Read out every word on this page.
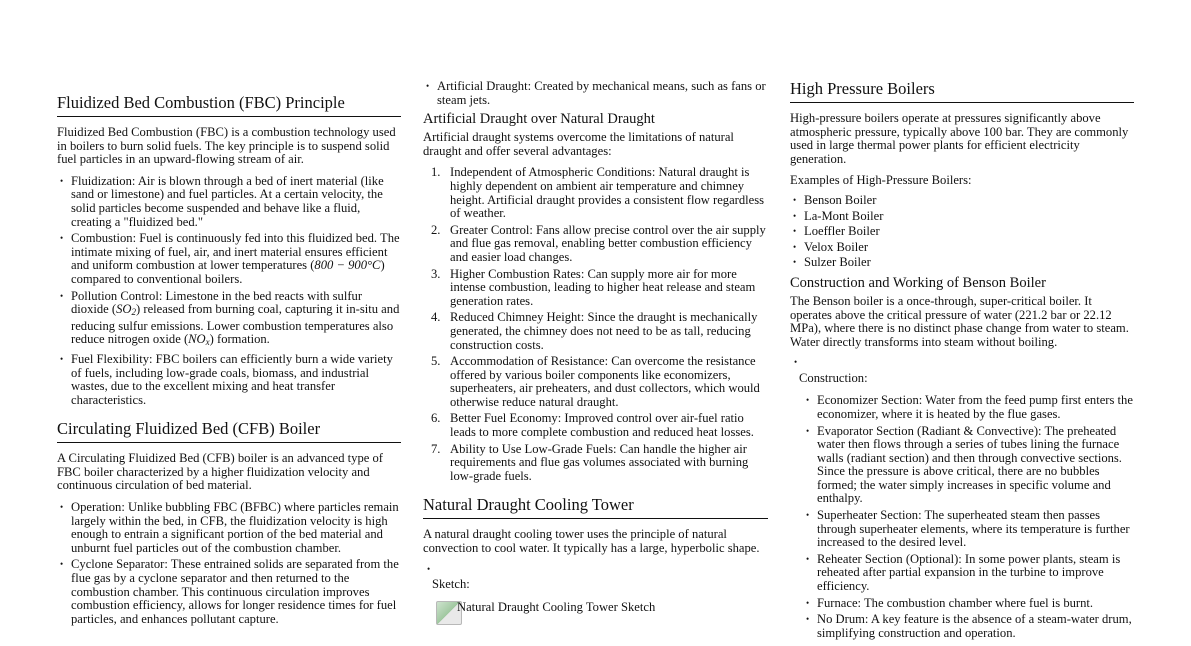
Fluidized Bed Combustion (FBC) Principle

Fluidized Bed Combustion (FBC) is a combustion technology used in boilers to burn solid fuels. The key principle is to suspend solid fuel particles in an upward-flowing stream of air.

• Fluidization: Air is blown through a bed of inert material (like sand or limestone) and fuel particles. At a certain velocity, the solid particles become suspended and behave like a fluid, creating a "fluidized bed."
• Combustion: Fuel is continuously fed into this fluidized bed. The intimate mixing of fuel, air, and inert material ensures efficient and uniform combustion at lower temperatures (800 − 900°C) compared to conventional boilers.
• Pollution Control: Limestone in the bed reacts with sulfur dioxide $(SO_2)$ released from burning coal, capturing it in-situ and reducing sulfur emissions. Lower combustion temperatures also reduce nitrogen oxide $(NO_x)$ formation.
• Fuel Flexibility: FBC boilers can efficiently burn a wide variety of fuels, including low-grade coals, biomass, and industrial wastes, due to the excellent mixing and heat transfer characteristics.
Circulating Fluidized Bed (CFB) Boiler

A Circulating Fluidized Bed (CFB) boiler is an advanced type of FBC boiler characterized by a higher fluidization velocity and continuous circulation of bed material.

• Operation: Unlike bubbling FBC (BFBC) where particles remain largely within the bed, in CFB, the fluidization velocity is high enough to entrain a significant portion of the bed material and unburnt fuel particles out of the combustion chamber.
• Cyclone Separator: These entrained solids are separated from the flue gas by a cyclone separator and then returned to the combustion chamber. This continuous circulation improves combustion efficiency, allows for longer residence times for fuel particles, and enhances pollutant capture.
• Artificial Draught: Created by mechanical means, such as fans or steam jets.
Artificial Draught over Natural Draught

Artificial draught systems overcome the limitations of natural draught and offer several advantages:

1. Independent of Atmospheric Conditions: Natural draught is highly dependent on ambient air temperature and chimney height. Artificial draught provides a consistent flow regardless of weather.
2. Greater Control: Fans allow precise control over the air supply and flue gas removal, enabling better combustion efficiency and easier load changes.
3. Higher Combustion Rates: Can supply more air for more intense combustion, leading to higher heat release and steam generation rates.
4. Reduced Chimney Height: Since the draught is mechanically generated, the chimney does not need to be as tall, reducing construction costs.
5. Accommodation of Resistance: Can overcome the resistance offered by various boiler components like economizers, superheaters, air preheaters, and dust collectors, which would otherwise reduce natural draught.
6. Better Fuel Economy: Improved control over air-fuel ratio leads to more complete combustion and reduced heat losses.
7. Ability to Use Low-Grade Fuels: Can handle the higher air requirements and flue gas volumes associated with burning low-grade fuels.
Natural Draught Cooling Tower

A natural draught cooling tower uses the principle of natural convection to cool water. It typically has a large, hyperbolic shape.

•
Sketch:
Natural Draught Cooling Tower Sketch
High Pressure Boilers

High-pressure boilers operate at pressures significantly above atmospheric pressure, typically above 100 bar. They are commonly used in large thermal power plants for efficient electricity generation.

Examples of High-Pressure Boilers:

• Benson Boiler
• La-Mont Boiler
• Loeffler Boiler
• Velox Boiler
• Sulzer Boiler
Construction and Working of Benson Boiler

The Benson boiler is a once-through, super-critical boiler. It operates above the critical pressure of water (221.2 bar or 22.12 MPa), where there is no distinct phase change from water to steam. Water directly transforms into steam without boiling.

•
Construction:
• Economizer Section: Water from the feed pump first enters the economizer, where it is heated by the flue gases.
• Evaporator Section (Radiant & Convective): The preheated water then flows through a series of tubes lining the furnace walls (radiant section) and then through convective sections. Since the pressure is above critical, there are no bubbles formed; the water simply increases in specific volume and enthalpy.
• Superheater Section: The superheated steam then passes through superheater elements, where its temperature is further increased to the desired level.
• Reheater Section (Optional): In some power plants, steam is reheated after partial expansion in the turbine to improve efficiency.
• Furnace: The combustion chamber where fuel is burnt.
• No Drum: A key feature is the absence of a steam-water drum, simplifying construction and operation.
